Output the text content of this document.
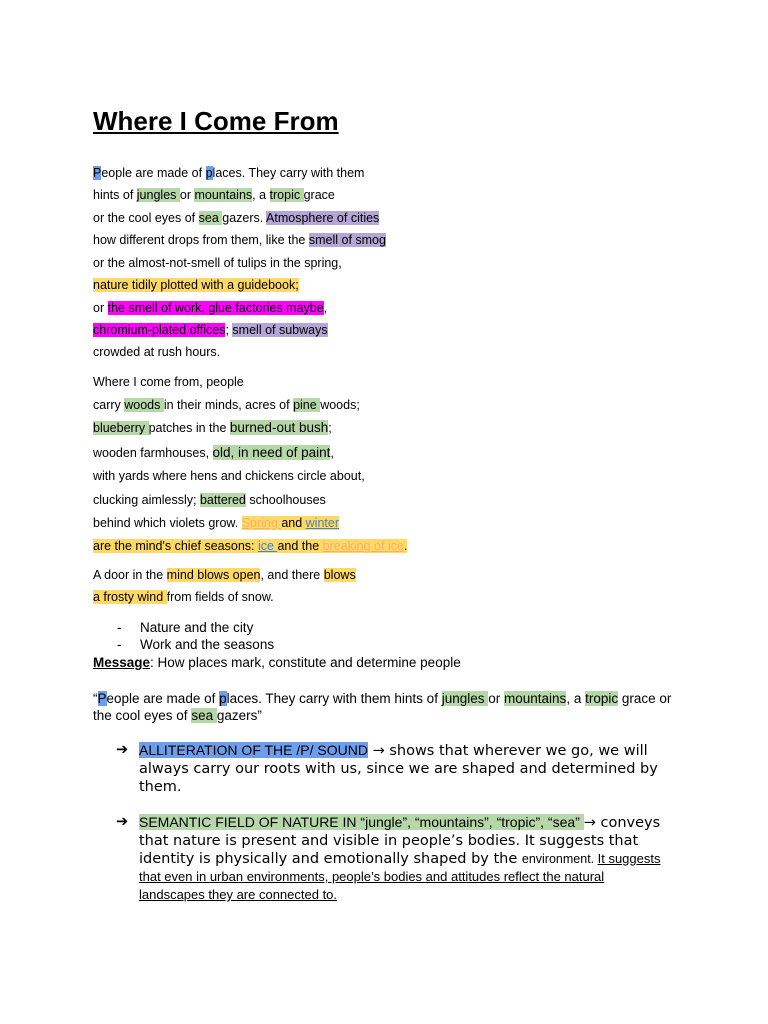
Where I Come From
People are made of places. They carry with them
hints of jungles or mountains, a tropic grace
or the cool eyes of sea gazers. Atmosphere of cities
how different drops from them, like the smell of smog
or the almost-not-smell of tulips in the spring,
nature tidily plotted with a guidebook;
or the smell of work, glue factories maybe,
chromium-plated offices; smell of subways
crowded at rush hours.
Where I come from, people
carry woods in their minds, acres of pine woods;
blueberry patches in the burned-out bush;
wooden farmhouses, old, in need of paint,
with yards where hens and chickens circle about,
clucking aimlessly; battered schoolhouses
behind which violets grow. Spring and winter
are the mind's chief seasons: ice and the breaking of ice.
A door in the mind blows open, and there blows
a frosty wind from fields of snow.
- Nature and the city
- Work and the seasons
Message: How places mark, constitute and determine people
“People are made of places. They carry with them hints of jungles or mountains, a tropic grace or the cool eyes of sea gazers”
➔ ALLITERATION OF THE /P/ SOUND → shows that wherever we go, we will always carry our roots with us, since we are shaped and determined by them.
➔ SEMANTIC FIELD OF NATURE IN “jungle”, “mountains”, “tropic”, “sea” → conveys that nature is present and visible in people’s bodies. It suggests that identity is physically and emotionally shaped by the environment. It suggests that even in urban environments, people’s bodies and attitudes reflect the natural landscapes they are connected to.
